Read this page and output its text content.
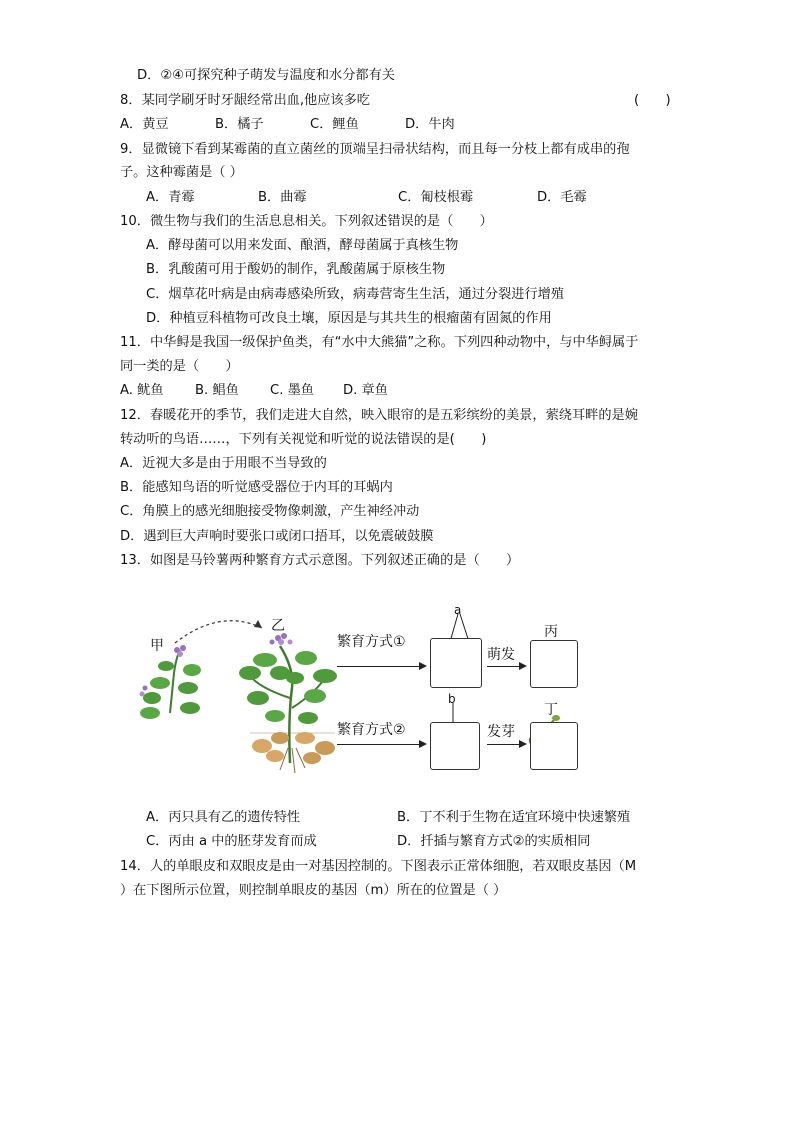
D．②④可探究种子萌发与温度和水分都有关
8．某同学刷牙时牙龈经常出血,他应该多吃	(　　)
A．黄豆	B．橘子	C．鲤鱼	D．牛肉
9．显微镜下看到某霉菌的直立菌丝的顶端呈扫帚状结构，而且每一分枝上都有成串的孢
子。这种霉菌是（ ）
A．青霉	B．曲霉	C．匍枝根霉	D．毛霉
10．微生物与我们的生活息息相关。下列叙述错误的是（　　）
A．酵母菌可以用来发面、酿酒，酵母菌属于真核生物
B．乳酸菌可用于酸奶的制作，乳酸菌属于原核生物
C．烟草花叶病是由病毒感染所致，病毒营寄生生活，通过分裂进行增殖
D．种植豆科植物可改良土壤，原因是与其共生的根瘤菌有固氮的作用
11．中华鲟是我国一级保护鱼类，有“水中大熊猫”之称。下列四种动物中，与中华鲟属于
同一类的是（　　）
A. 鱿鱼 B. 鲳鱼 C. 墨鱼 D. 章鱼
12．春暖花开的季节，我们走进大自然，映入眼帘的是五彩缤纷的美景，萦绕耳畔的是婉
转动听的鸟语……，下列有关视觉和听觉的说法错误的是(　　)
A．近视大多是由于用眼不当导致的
B．能感知鸟语的听觉感受器位于内耳的耳蜗内
C．角膜上的感光细胞接受物像刺激，产生神经冲动
D．遇到巨大声响时要张口或闭口捂耳，以免震破鼓膜
13．如图是马铃薯两种繁育方式示意图。下列叙述正确的是（　　）
甲
乙
繁育方式①
a
萌发
丙
繁育方式②
b
发芽
丁
A．丙只具有乙的遗传特性	B．丁不利于生物在适宜环境中快速繁殖
C．丙由 a 中的胚芽发育而成	D．扦插与繁育方式②的实质相同
14．人的单眼皮和双眼皮是由一对基因控制的。下图表示正常体细胞，若双眼皮基因（M
）在下图所示位置，则控制单眼皮的基因（m）所在的位置是（ ）
